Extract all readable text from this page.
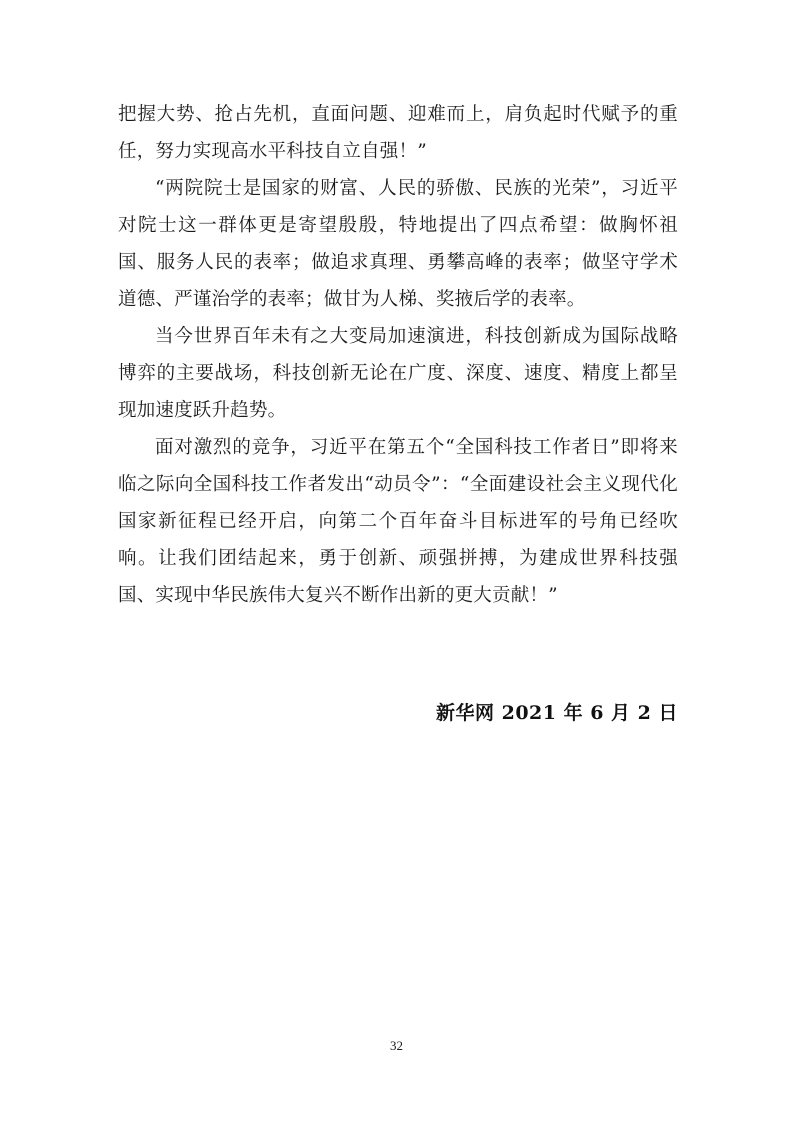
把握大势、抢占先机，直面问题、迎难而上，肩负起时代赋予的重任，努力实现高水平科技自立自强！”

“两院院士是国家的财富、人民的骄傲、民族的光荣”，习近平对院士这一群体更是寄望殷殷，特地提出了四点希望：做胸怀祖国、服务人民的表率；做追求真理、勇攀高峰的表率；做坚守学术道德、严谨治学的表率；做甘为人梯、奖掖后学的表率。

当今世界百年未有之大变局加速演进，科技创新成为国际战略博弈的主要战场，科技创新无论在广度、深度、速度、精度上都呈现加速度跃升趋势。

面对激烈的竞争，习近平在第五个“全国科技工作者日”即将来临之际向全国科技工作者发出“动员令”：“全面建设社会主义现代化国家新征程已经开启，向第二个百年奋斗目标进军的号角已经吹响。让我们团结起来，勇于创新、顽强拼搏，为建成世界科技强国、实现中华民族伟大复兴不断作出新的更大贡献！”

新华网 2021 年 6 月 2 日
32
